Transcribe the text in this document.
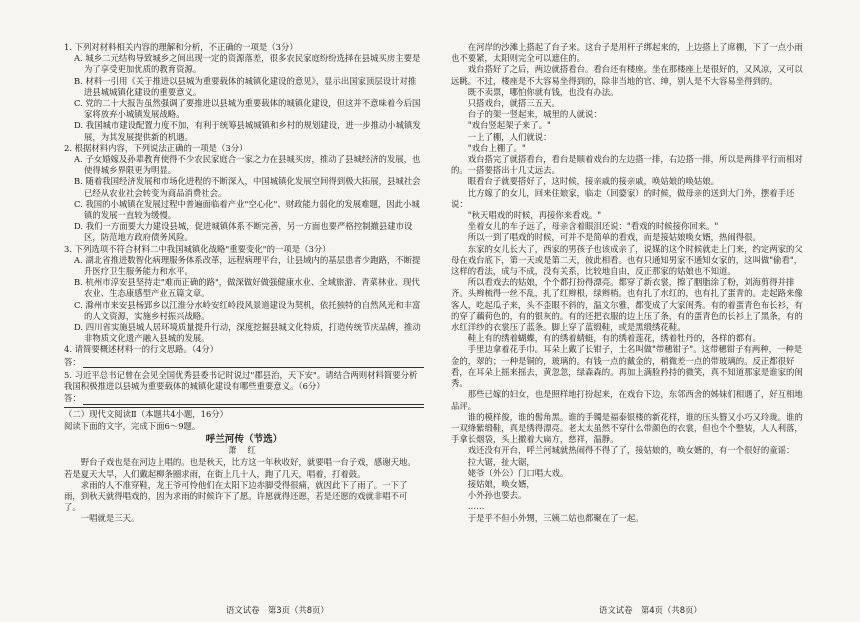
1. 下列对材料相关内容的理解和分析，不正确的一项是（3分）

A. 城乡二元结构导致城乡之间出现一定的资源落差，很多农民家庭纷纷选择在县城买房主要是为了享受更加优质的教育资源。

B. 材料一引用《关于推进以县城为重要载体的城镇化建设的意见》，显示出国家顶层设计对推进县城城镇化建设的重要意义。

C. 党的二十大报告虽然强调了要推进以县城为重要载体的城镇化建设，但这并不意味着今后国家将放弃小城镇发展战略。

D. 我国城市建设配置力度不加，有利于统筹县城城镇和乡村的规划建设，进一步推动小城镇发展，为其发展提供新的机遇。

2. 根据材料内容，下列说法正确的一项是（3分）

A. 子女婚嫁及孙辈教育使得不少农民家庭合一家之力在县城买房，推动了县城经济的发展，也使得城乡界限更为明显。

B. 随着我国经济发展和市场化进程的不断深入，中国城镇化发展空间得到极大拓展，县城社会已经从农业社会转变为商品消费社会。

C. 我国的小城镇在发展过程中普遍面临着产业"空心化"、财政能力弱化的发展难题，因此小城镇的发展一直较为缓慢。

D. 我们一方面要大力建设县城，促进城镇体系不断完善，另一方面也要严格控制撤县建市设区，防范地方政府债务风险。

3. 下列选项不符合材料二中我国城镇化战略"重要变化"的一项是（3分）

A. 湖北省推进数智化病理服务体系改革，远程病理平台，让县域内的基层患者少跑路，不断提升医疗卫生服务能力和水平。

B. 杭州市淳安县坚持走"难而正确的路"，做深做好做强健康水业、全域旅游、青菜林业、现代农业、生态康感型产业五篇文章。

C. 滁州市来安县杨郢乡以江淮分水岭安红岭段风景道建设为契机，依托独特的自然风光和丰富的人文资源，实施乡村振兴战略。

D. 四川省实施县城人居环境质量提升行动，深度挖掘县城文化特质，打造传统节庆品牌，推动非物质文化遗产融入县城的发展。

4. 请简要概述材料一的行文思路。（4分）

答：

5. 习近平总书记曾在会见全国优秀县委书记时说过"郡县治，天下安"。请结合两则材料简要分析我国积极推进以县城为重要载体的城镇化建设有哪些重要意义。（6分）

答：

（二）现代文阅读Ⅱ（本题共4小题，16分）

阅读下面的文字，完成下面6～9题。

呼兰河传（节选）

萧 红

野台子戏也是在河边上唱的。也是秋天，比方这一年秋收好，就要唱一台子戏，感谢天地。若是夏天大旱，人们戴起柳条圈求雨，在街上几十人，跑了几天，唱着，打着鼓。

求雨的人不准穿鞋，龙王爷可怜他们在太阳下边赤脚受得很痛，就因此下了雨了。一下了雨，到秋天就得唱戏的，因为求雨的时候许下了愿。许愿就得还愿，若是还愿的戏就非唱不可了。

一唱就是三天。

在河岸的沙滩上搭起了台子来。这台子是用杆子绑起来的，上边搭上了席棚，下了一点小雨也不要紧，太阳则完全可以遮住的。

戏台搭好了之后，两边就搭看台。看台还有楼座。坐在那楼座上是很好的，又风凉，又可以远眺。不过，楼座是不大容易坐得到的，除非当地的官、绅，别人是不大容易坐得到的。

既不卖票，哪怕你就有钱，也没有办法。

只搭戏台，就搭三五天。

台子的架一竖起来，城里的人就说：

"戏台竖起架子来了。"

一上了棚，人们就说：

"戏台上棚了。"

戏台搭完了就搭看台，看台是顺着戏台的左边搭一排，右边搭一排，所以是两排平行而相对的。一搭要搭出十几丈远去。

眼看台子就要搭好了，这时候，接亲戚的接亲戚，唤姑娘的唤姑娘。

比方嫁了的女儿，回来住娘家，临走（回婆家）的时候，做母亲的送到大门外，摆着手还说：

"秋天唱戏的时候，再接你来看戏。"

坐着女儿的车子远了，母亲含着眼泪还说："看戏的时候接你回来。"

所以一到了唱戏的时候，可并不是简单的看戏，而是接姑娘唤女婿，热闹得很。

东家的女儿长大了，西家的男孩子也该成亲了，说媒的这个时候就走上门来，约定两家的父母在戏台底下，第一天或是第二天，彼此相看。也有只通知男家不通知女家的，这叫做"偷看"，这样的看法，成与不成，没有关系，比较地自由，反正那家的姑娘也不知道。

所以看戏去的姑娘，个个都打扮得漂亮。都穿了新衣裳，擦了胭脂涂了粉，刘海剪得并排齐。头辫梳得一丝不乱，扎了红辫根，绿辫梢。也有扎了水红的，也有扎了蛋青的。走起路来像客人，吃起瓜子来，头不歪眼不斜的，温文尔雅，都变成了大家闺秀。有的着蛋青色布长衫，有的穿了藕荷色的，有的银灰的。有的还把衣服的边上压了条，有的蛋青色的长衫上了黑条，有的水红洋纱的衣裳压了蓝条。脚上穿了蓝缎鞋，或是黑缎绣花鞋。

鞋上有的绣着蝴蝶，有的绣着蜻蜓，有的绣着莲花，绣着牡丹的，各样的都有。

手里边拿着花手巾。耳朵上戴了长钳子，土名叫做"带穗钳子"。这带穗钳子有两种，一种是金的，翠的；一种是铜的，玻璃的。有钱一点的戴金的，稍微差一点的带玻璃的。反正都很好看，在耳朵上摇来摇去，黄忽忽，绿森森的。再加上满脸矜持的微笑，真不知道那家是谁家的闺秀。

那些已嫁的妇女，也是照样地打扮起来，在戏台下边，东邻西舍的姊妹们相遇了，好互相地品评。

谁的模样俊，谁的髻角黑。谁的手镯是福泰银楼的新花样，谁的压头簪又小巧又玲珑。谁的一双绛紫缎鞋，真是绣得漂亮。老太太虽然不穿什么带颜色的衣裳，但也个个整装，人人利落，手拿长烟袋，头上撤着大扁方，慈祥，温静。

戏还没有开台，呼兰河城就热闹得不得了了，接姑娘的，唤女婿的，有一个很好的童谣：

拉大锯，扯大锯，

姥爷（外公）门口唱大戏。

接姑娘，唤女婿，

小外孙也要去。

……

于是乎不但小外甥，三姨二姑也都聚在了一起。

语文试卷　第3页（共8页）	语文试卷　第4页（共8页）
